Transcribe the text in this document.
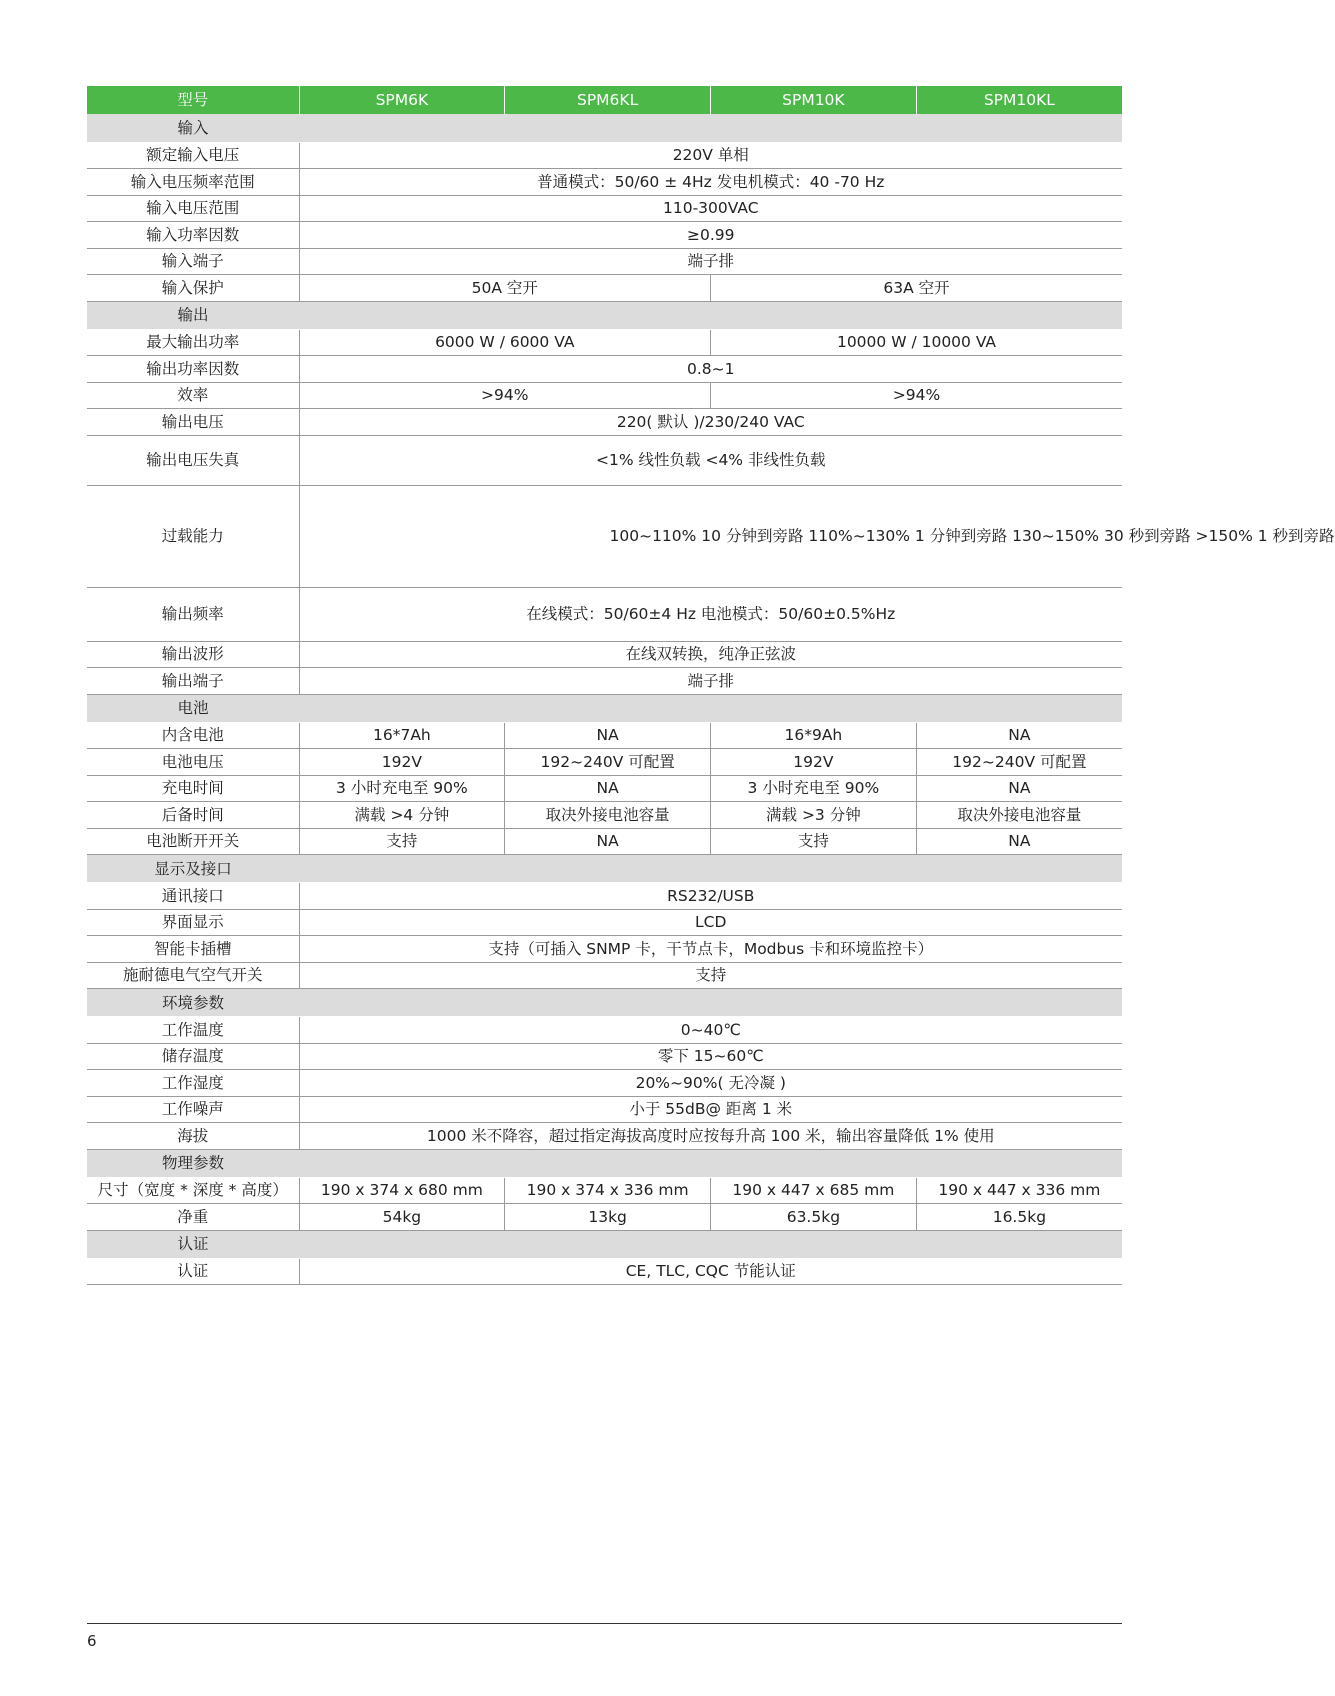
型号	SPM6K	SPM6KL	SPM10K	SPM10KL
输入				
额定输入电压	220V 单相			
输入电压频率范围	普通模式：50/60 ± 4Hz 发电机模式：40 -70 Hz			
输入电压范围	110-300VAC			
输入功率因数	≥0.99			
输入端子	端子排			
输入保护	50A 空开		63A 空开	
输出				
最大输出功率	6000 W / 6000 VA		10000 W / 10000 VA	
输出功率因数	0.8~1			
效率	>94%		>94%	
输出电压	220( 默认 )/230/240 VAC			
输出电压失真	<1% 线性负载 <4% 非线性负载			
过载能力	100~110% 10 分钟到旁路 110%~130% 1 分钟到旁路 130~150% 30 秒到旁路 >150% 1 秒到旁路			
输出频率	在线模式：50/60±4 Hz 电池模式：50/60±0.5%Hz			
输出波形	在线双转换，纯净正弦波			
输出端子	端子排			
电池				
内含电池	16*7Ah	NA	16*9Ah	NA
电池电压	192V	192~240V 可配置	192V	192~240V 可配置
充电时间	3 小时充电至 90%	NA	3 小时充电至 90%	NA
后备时间	满载 >4 分钟	取决外接电池容量	满载 >3 分钟	取决外接电池容量
电池断开开关	支持	NA	支持	NA
显示及接口				
通讯接口	RS232/USB			
界面显示	LCD			
智能卡插槽	支持（可插入 SNMP 卡，干节点卡，Modbus 卡和环境监控卡）			
施耐德电气空气开关	支持			
环境参数				
工作温度	0~40℃			
储存温度	零下 15~60℃			
工作湿度	20%~90%( 无冷凝 )			
工作噪声	小于 55dB@ 距离 1 米			
海拔	1000 米不降容，超过指定海拔高度时应按每升高 100 米，输出容量降低 1% 使用			
物理参数				
尺寸（宽度 * 深度 * 高度）	190 x 374 x 680 mm	190 x 374 x 336 mm	190 x 447 x 685 mm	190 x 447 x 336 mm
净重	54kg	13kg	63.5kg	16.5kg
认证				
认证	CE, TLC, CQC 节能认证			
6
